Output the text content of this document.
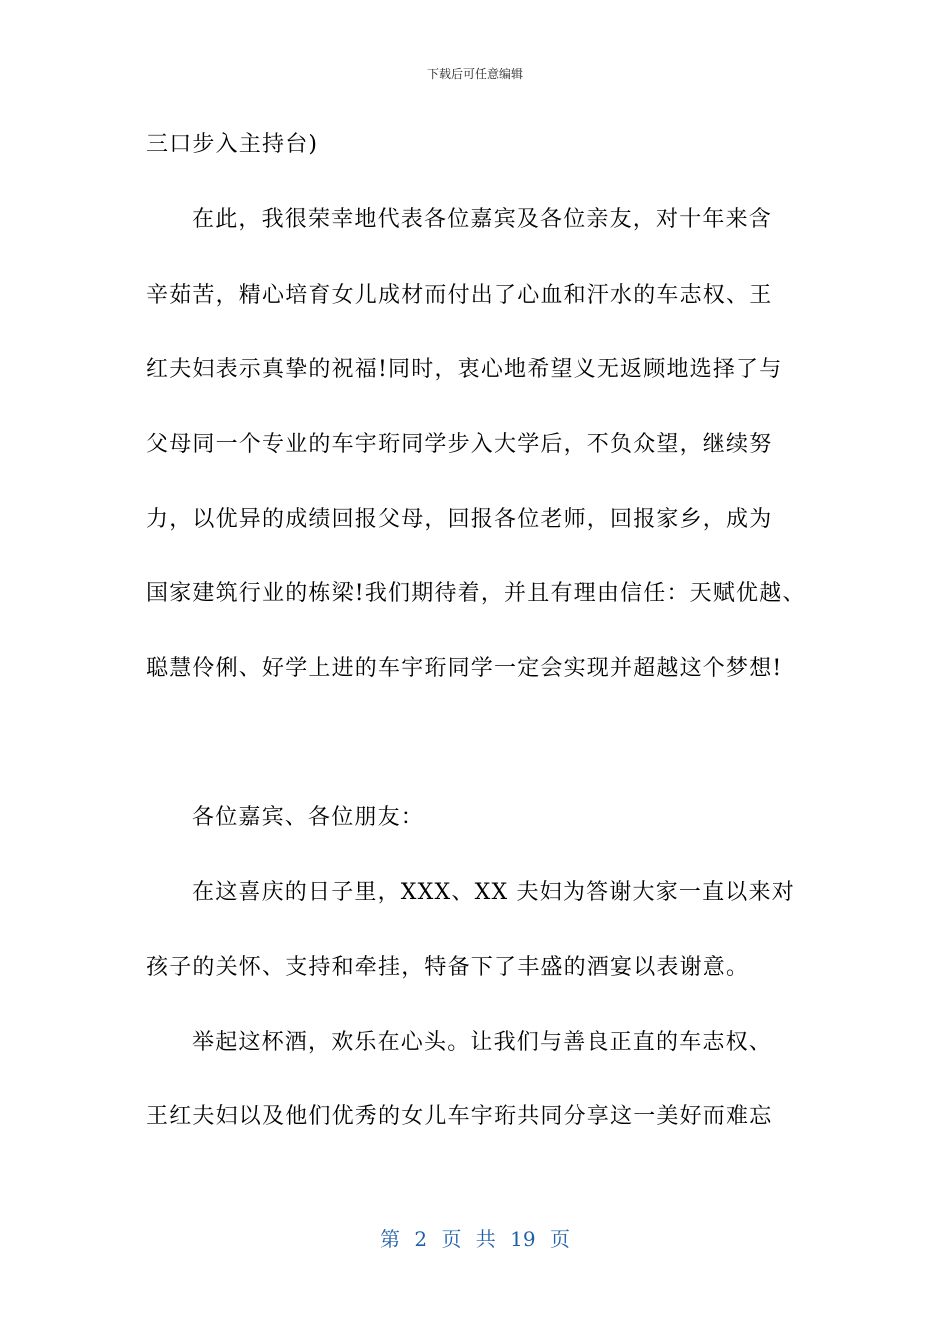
下载后可任意编辑
三口步入主持台)
在此，我很荣幸地代表各位嘉宾及各位亲友，对十年来含
辛茹苦，精心培育女儿成材而付出了心血和汗水的车志权、王
红夫妇表示真挚的祝福!同时，衷心地希望义无返顾地选择了与
父母同一个专业的车宇珩同学步入大学后，不负众望，继续努
力，以优异的成绩回报父母，回报各位老师，回报家乡，成为
国家建筑行业的栋梁!我们期待着，并且有理由信任：天赋优越、
聪慧伶俐、好学上进的车宇珩同学一定会实现并超越这个梦想!
各位嘉宾、各位朋友：
在这喜庆的日子里，XXX、XX 夫妇为答谢大家一直以来对
孩子的关怀、支持和牵挂，特备下了丰盛的酒宴以表谢意。
举起这杯酒，欢乐在心头。让我们与善良正直的车志权、
王红夫妇以及他们优秀的女儿车宇珩共同分享这一美好而难忘
第 2 页 共 19 页
